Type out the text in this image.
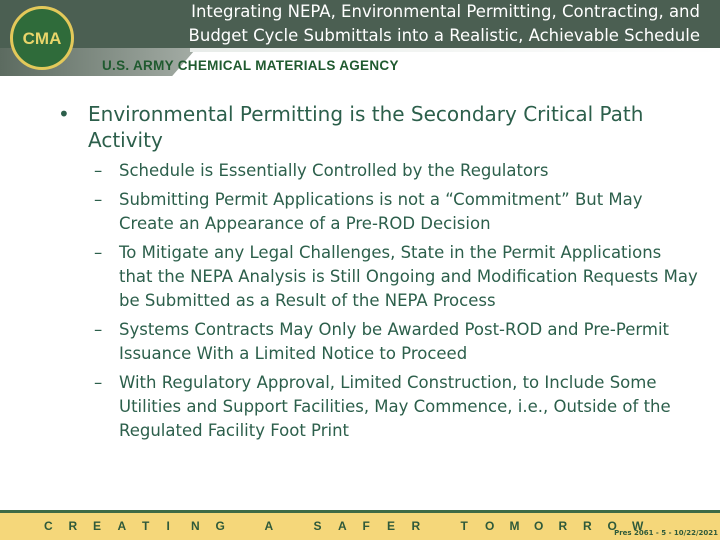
CMA
Integrating NEPA, Environmental Permitting, Contracting, and
Budget Cycle Submittals into a Realistic, Achievable Schedule
U.S. ARMY CHEMICAL MATERIALS AGENCY
• Environmental Permitting is the Secondary Critical Path Activity
–	Schedule is Essentially Controlled by the Regulators
–	Submitting Permit Applications is not a “Commitment” But May Create an Appearance of a Pre-ROD Decision
–	To Mitigate any Legal Challenges, State in the Permit Applications that the NEPA Analysis is Still Ongoing and Modification Requests May be Submitted as a Result of the NEPA Process
–	Systems Contracts May Only be Awarded Post-ROD and Pre-Permit Issuance With a Limited Notice to Proceed
–	With Regulatory Approval, Limited Construction, to Include Some Utilities and Support Facilities, May Commence, i.e., Outside of the Regulated Facility Foot Print
C	R	E	A	T	I	N	G
	A
	S	A	F	E	R
	T	O	M	O	R	R	O	W
Pres 2061 - 5 - 10/22/2021
